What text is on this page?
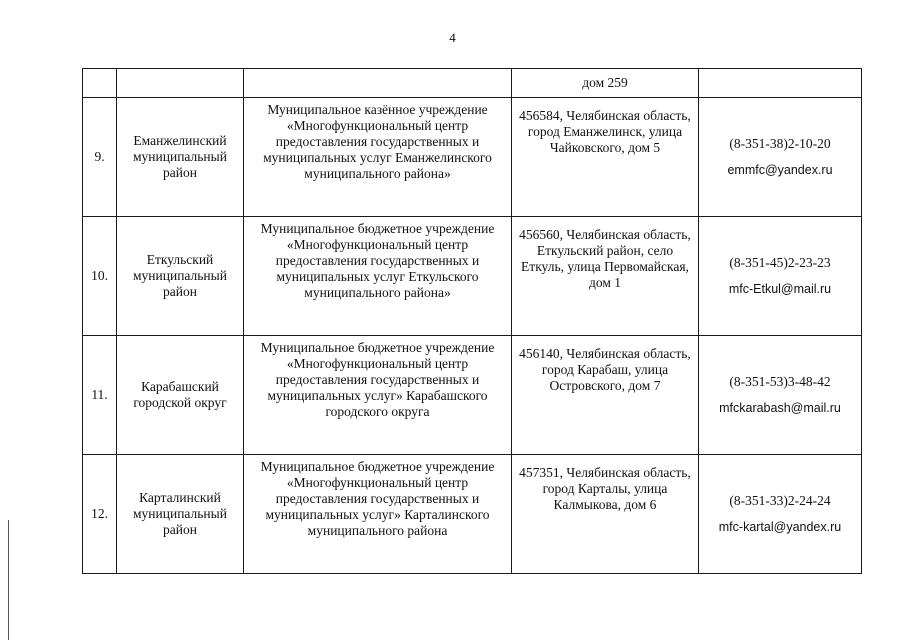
4
			дом 259	
9.	Еманжелинский муниципальный район	Муниципальное казённое учреждение «Многофункциональный центр предоставления государственных и муниципальных услуг Еманжелинского муниципального района»	456584, Челябинская область, город Еманжелинск, улица Чайковского, дом 5	(8-351-38)2-10-20
emmfc@yandex.ru

10.	Еткульский муниципальный район	Муниципальное бюджетное учреждение «Многофункциональный центр предоставления государственных и муниципальных услуг Еткульского муниципального района»	456560, Челябинская область, Еткульский район, село Еткуль, улица Первомайская, дом 1	(8-351-45)2-23-23
mfc-Etkul@mail.ru

11.	Карабашский городской округ	Муниципальное бюджетное учреждение «Многофункциональный центр предоставления государственных и муниципальных услуг» Карабашского городского округа	456140, Челябинская область, город Карабаш, улица Островского, дом 7	(8-351-53)3-48-42
mfckarabash@mail.ru

12.	Карталинский муниципальный район	Муниципальное бюджетное учреждение «Многофункциональный центр предоставления государственных и муниципальных услуг» Карталинского муниципального района	457351, Челябинская область, город Карталы, улица Калмыкова, дом 6	(8-351-33)2-24-24
mfc-kartal@yandex.ru
